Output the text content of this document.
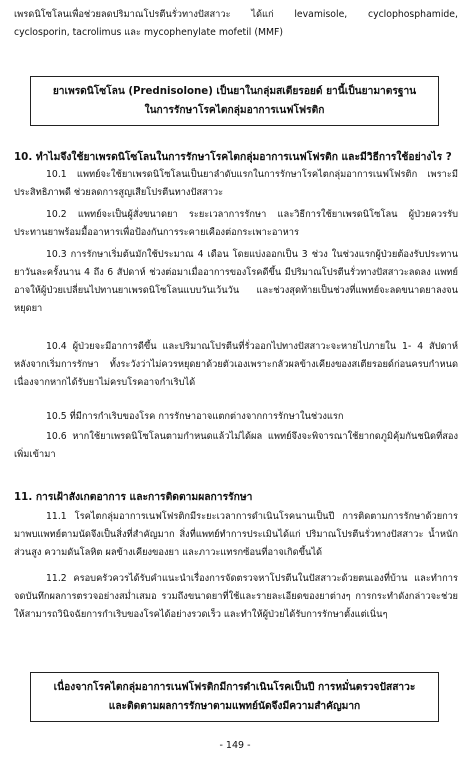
เพรดนิโซโลนเพื่อช่วยลดปริมาณโปรตีนรั่วทางปัสสาวะ ได้แก่ levamisole, cyclophosphamide, cyclosporin, tacrolimus และ mycophenylate mofetil (MMF)

ยาเพรดนิโซโลน (Prednisolone) เป็นยาในกลุ่มสเตียรอยด์ ยานี้เป็นยามาตรฐาน
ในการรักษาโรคไตกลุ่มอาการเนฟโฟรติก

10. ทำไมจึงใช้ยาเพรดนิโซโลนในการรักษาโรคไตกลุ่มอาการเนฟโฟรติก และมีวิธีการใช้อย่างไร ?

10.1 แพทย์จะใช้ยาเพรดนิโซโลนเป็นยาลำดับแรกในการรักษาโรคไตกลุ่มอาการเนฟโฟรติก เพราะมีประสิทธิภาพดี ช่วยลดการสูญเสียโปรตีนทางปัสสาวะ

10.2 แพทย์จะเป็นผู้สั่งขนาดยา ระยะเวลาการรักษา และวิธีการใช้ยาเพรดนิโซโลน ผู้ป่วยควรรับประทานยาพร้อมมื้ออาหารเพื่อป้องกันการระคายเคืองต่อกระเพาะอาหาร

10.3 การรักษาเริ่มต้นมักใช้ประมาณ 4 เดือน โดยแบ่งออกเป็น 3 ช่วง ในช่วงแรกผู้ป่วยต้องรับประทานยาวันละครั้งนาน 4 ถึง 6 สัปดาห์ ช่วงต่อมาเมื่ออาการของโรคดีขึ้น มีปริมาณโปรตีนรั่วทางปัสสาวะลดลง แพทย์อาจให้ผู้ป่วยเปลี่ยนไปทานยาเพรดนิโซโลนแบบวันเว้นวัน และช่วงสุดท้ายเป็นช่วงที่แพทย์จะลดขนาดยาลงจนหยุดยา

10.4 ผู้ป่วยจะมีอาการดีขึ้น และปริมาณโปรตีนที่รั่วออกไปทางปัสสาวะจะหายไปภายใน 1- 4 สัปดาห์หลังจากเริ่มการรักษา ทั้งระวังว่าไม่ควรหยุดยาด้วยตัวเองเพราะกลัวผลข้างเคียงของสเตียรอยด์ก่อนครบกำหนด เนื่องจากหากได้รับยาไม่ครบโรคอาจกำเริบได้

10.5 ที่มีการกำเริบของโรค การรักษาอาจแตกต่างจากการรักษาในช่วงแรก

10.6 หากใช้ยาเพรดนิโซโลนตามกำหนดแล้วไม่ได้ผล แพทย์จึงจะพิจารณาใช้ยากดภูมิคุ้มกันชนิดที่สองเพิ่มเข้ามา

11. การเฝ้าสังเกตอาการ และการติดตามผลการรักษา

11.1 โรคไตกลุ่มอาการเนฟโฟรติกมีระยะเวลาการดำเนินโรคนานเป็นปี การติดตามการรักษาด้วยการมาพบแพทย์ตามนัดจึงเป็นสิ่งที่สำคัญมาก สิ่งที่แพทย์ทำการประเมินได้แก่ ปริมาณโปรตีนรั่วทางปัสสาวะ น้ำหนัก ส่วนสูง ความดันโลหิต ผลข้างเคียงของยา และภาวะแทรกซ้อนที่อาจเกิดขึ้นได้

11.2 ครอบครัวควรได้รับคำแนะนำเรื่องการจัดตรวจหาโปรตีนในปัสสาวะด้วยตนเองที่บ้าน และทำการจดบันทึกผลการตรวจอย่างสม่ำเสมอ รวมถึงขนาดยาที่ใช้และรายละเอียดของยาต่างๆ การกระทำดังกล่าวจะช่วยให้สามารถวินิจฉัยการกำเริบของโรคได้อย่างรวดเร็ว และทำให้ผู้ป่วยได้รับการรักษาตั้งแต่เนิ่นๆ

เนื่องจากโรคไตกลุ่มอาการเนฟโฟรติกมีการดำเนินโรคเป็นปี การหมั่นตรวจปัสสาวะ
และติดตามผลการรักษาตามแพทย์นัดจึงมีความสำคัญมาก
- 149 -
